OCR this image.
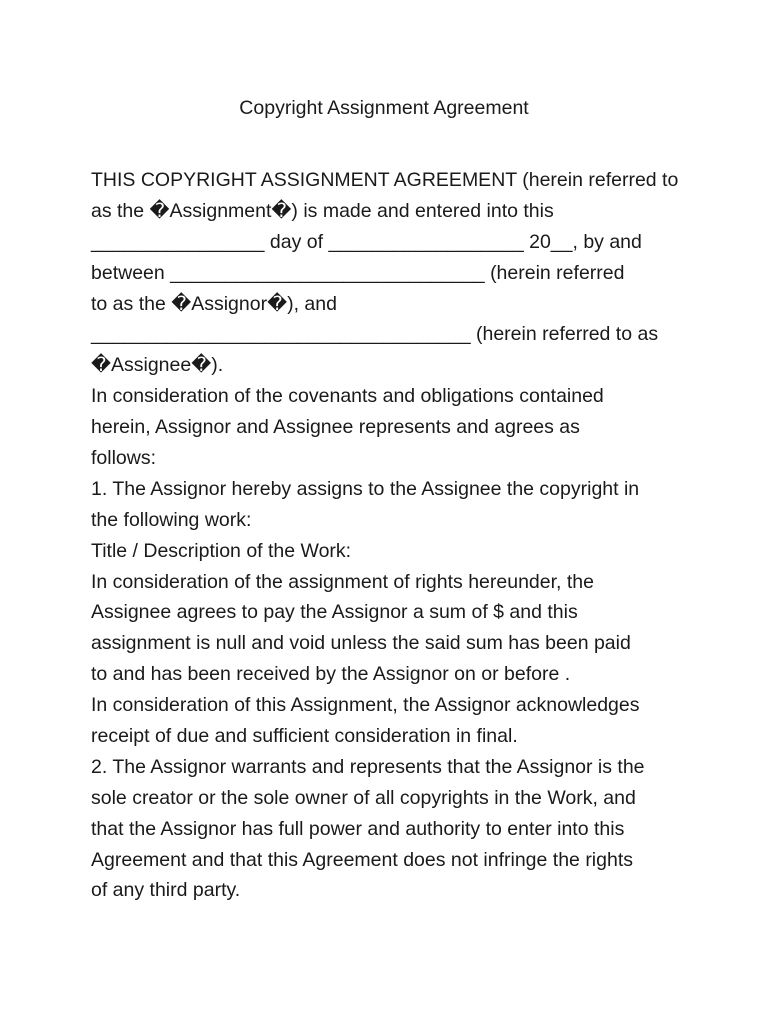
Copyright Assignment Agreement

THIS COPYRIGHT ASSIGNMENT AGREEMENT (herein referred to

as the �Assignment�) is made and entered into this

________________ day of __________________ 20__, by and

between _____________________________ (herein referred

to as the �Assignor�), and

___________________________________ (herein referred to as

�Assignee�).

In consideration of the covenants and obligations contained

herein, Assignor and Assignee represents and agrees as

follows:

1. The Assignor hereby assigns to the Assignee the copyright in

the following work:

Title / Description of the Work:

In consideration of the assignment of rights hereunder, the

Assignee agrees to pay the Assignor a sum of $ and this

assignment is null and void unless the said sum has been paid

to and has been received by the Assignor on or before .

In consideration of this Assignment, the Assignor acknowledges

receipt of due and sufficient consideration in final.

2. The Assignor warrants and represents that the Assignor is the

sole creator or the sole owner of all copyrights in the Work, and

that the Assignor has full power and authority to enter into this

Agreement and that this Agreement does not infringe the rights

of any third party.
